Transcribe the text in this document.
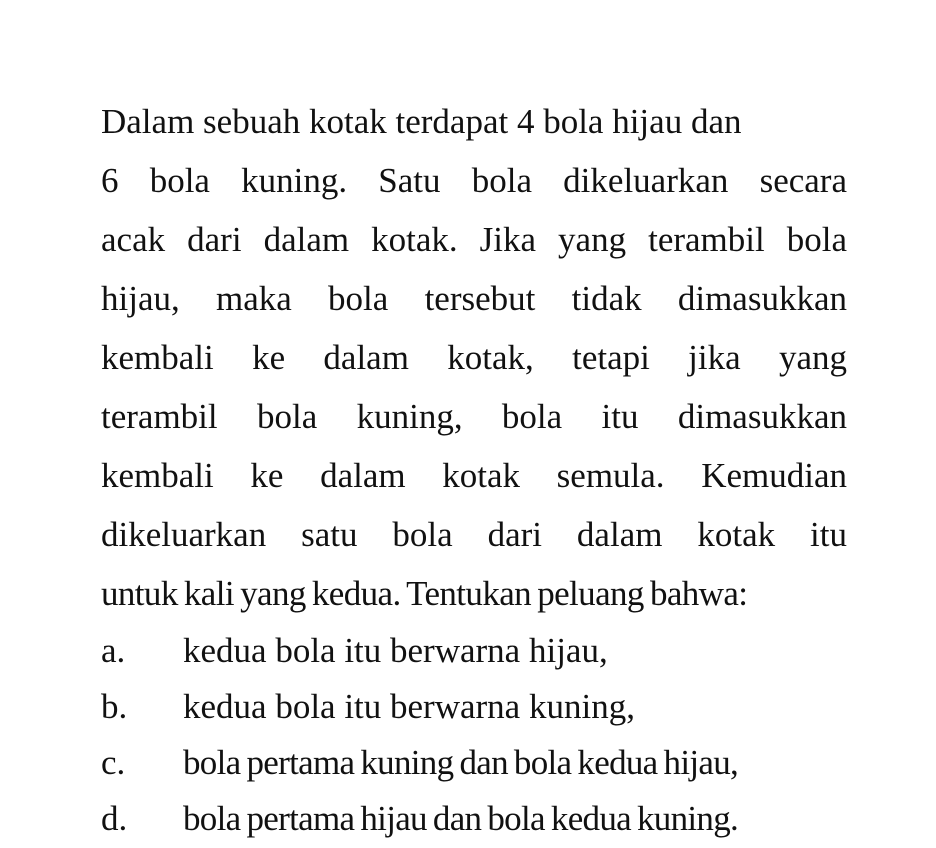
Dalam sebuah kotak terdapat 4 bola hijau dan
6 bola kuning. Satu bola dikeluarkan secara
acak dari dalam kotak. Jika yang terambil bola
hijau, maka bola tersebut tidak dimasukkan
kembali ke dalam kotak, tetapi jika yang
terambil bola kuning, bola itu dimasukkan
kembali ke dalam kotak semula. Kemudian
dikeluarkan satu bola dari dalam kotak itu
untuk kali yang kedua. Tentukan peluang bahwa:
a.	kedua bola itu berwarna hijau,
b.	kedua bola itu berwarna kuning,
c.	bola pertama kuning dan bola kedua hijau,
d.	bola pertama hijau dan bola kedua kuning.
